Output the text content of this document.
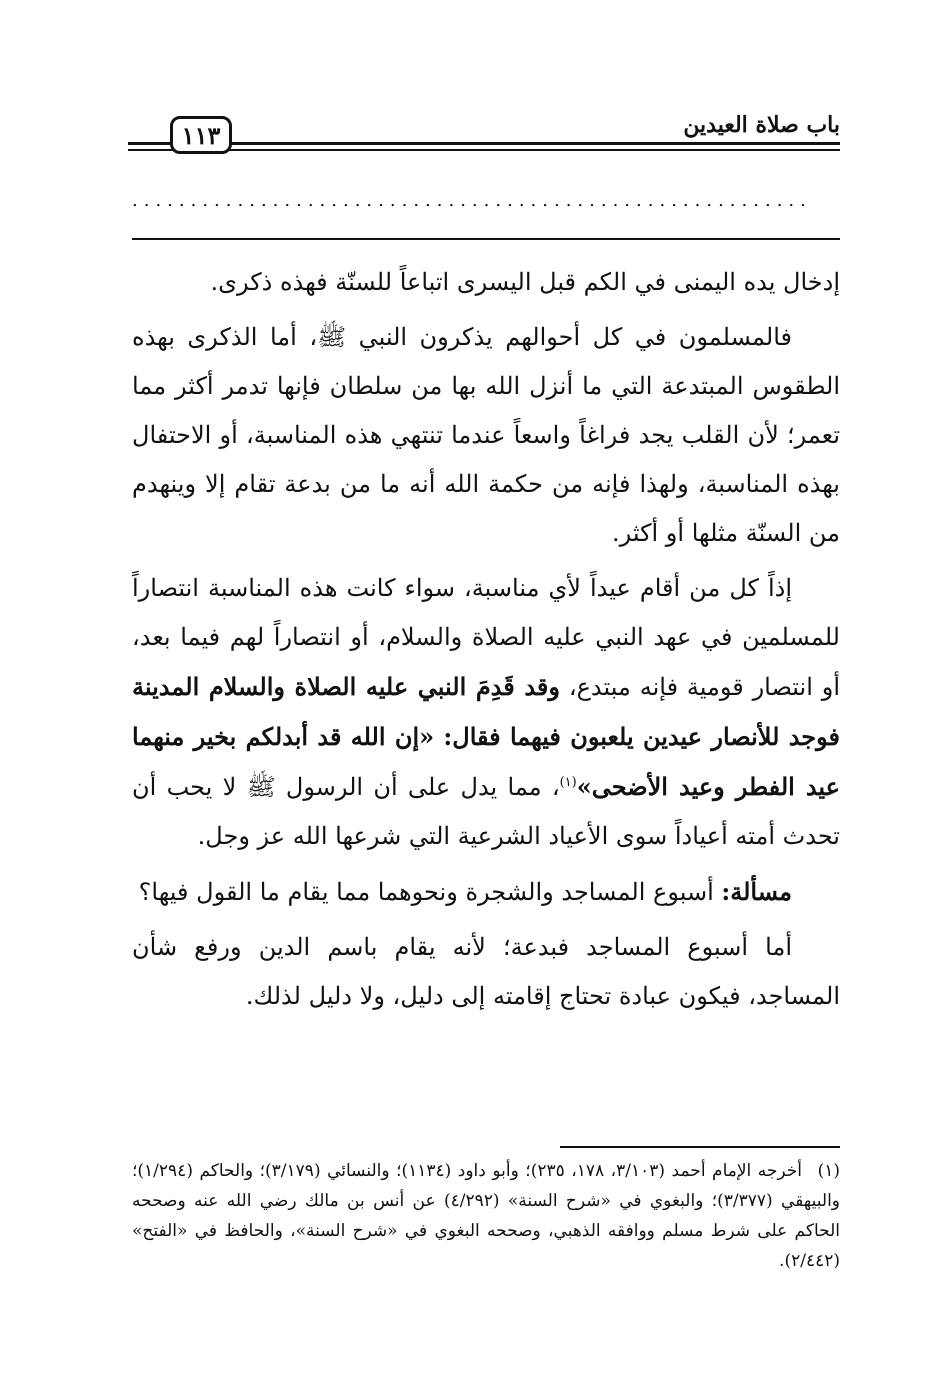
باب صلاة العيدين
١١٣
..........................................................

إدخال يده اليمنى في الكم قبل اليسرى اتباعاً للسنّة فهذه ذكرى.

فالمسلمون في كل أحوالهم يذكرون النبي ﷺ، أما الذكرى بهذه الطقوس المبتدعة التي ما أنزل الله بها من سلطان فإنها تدمر أكثر مما تعمر؛ لأن القلب يجد فراغاً واسعاً عندما تنتهي هذه المناسبة، أو الاحتفال بهذه المناسبة، ولهذا فإنه من حكمة الله أنه ما من بدعة تقام إلا وينهدم من السنّة مثلها أو أكثر.

إذاً كل من أقام عيداً لأي مناسبة، سواء كانت هذه المناسبة انتصاراً للمسلمين في عهد النبي عليه الصلاة والسلام، أو انتصاراً لهم فيما بعد، أو انتصار قومية فإنه مبتدع، وقد قَدِمَ النبي عليه الصلاة والسلام المدينة فوجد للأنصار عيدين يلعبون فيهما فقال: «إن الله قد أبدلكم بخير منهما عيد الفطر وعيد الأضحى»$^{(١)}$، مما يدل على أن الرسول ﷺ لا يحب أن تحدث أمته أعياداً سوى الأعياد الشرعية التي شرعها الله عز وجل.

مسألة: أسبوع المساجد والشجرة ونحوهما مما يقام ما القول فيها؟

أما أسبوع المساجد فبدعة؛ لأنه يقام باسم الدين ورفع شأن المساجد، فيكون عبادة تحتاج إقامته إلى دليل، ولا دليل لذلك.

(١)أخرجه الإمام أحمد (٣/١٠٣، ١٧٨، ٢٣٥)؛ وأبو داود (١١٣٤)؛ والنسائي (٣/١٧٩)؛ والحاكم (١/٢٩٤)؛ والبيهقي (٣/٣٧٧)؛ والبغوي في «شرح السنة» (٤/٢٩٢) عن أنس بن مالك رضي الله عنه وصححه الحاكم على شرط مسلم ووافقه الذهبي، وصححه البغوي في «شرح السنة»، والحافظ في «الفتح» (٢/٤٤٢).
